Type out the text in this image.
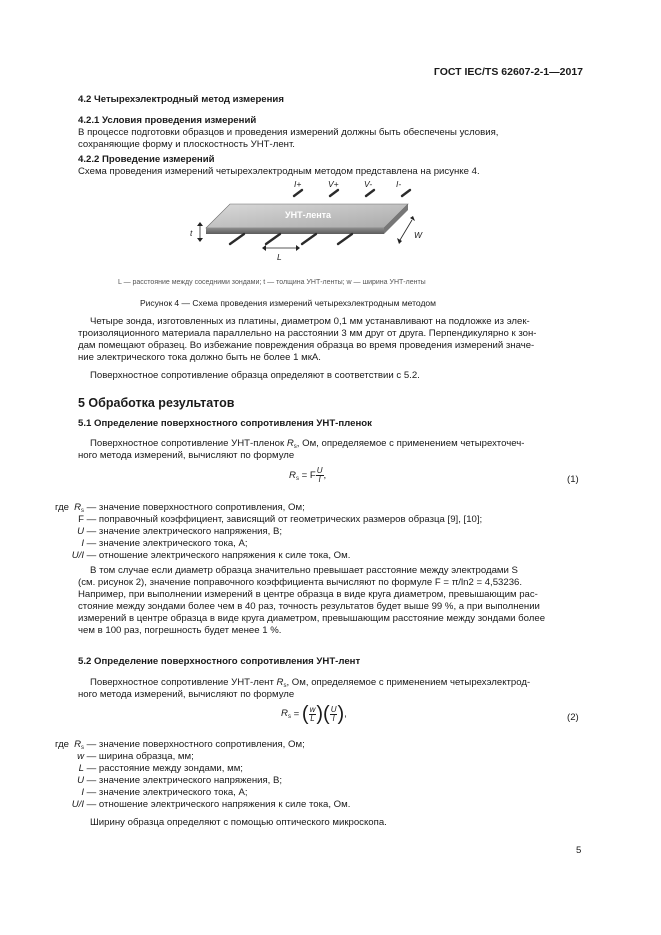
ГОСТ IEC/TS 62607-2-1—2017
4.2 Четырехэлектродный метод измерения
4.2.1 Условия проведения измерений
В процессе подготовки образцов и проведения измерений должны быть обеспечены условия,
сохраняющие форму и плоскостность УНТ-лент.
4.2.2 Проведение измерений
Схема проведения измерений четырехэлектродным методом представлена на рисунке 4.
УНТ-лента
I+	V+	V-	I-
t	W
L
L — расстояние между соседними зондами; t — толщина УНТ-ленты; w — ширина УНТ-ленты
Рисунок 4 — Схема проведения измерений четырехэлектродным методом
Четыре зонда, изготовленных из платины, диаметром 0,1 мм устанавливают на подложке из элек-
троизоляционного материала параллельно на расстоянии 3 мм друг от друга. Перпендикулярно к зон-
дам помещают образец. Во избежание повреждения образца во время проведения измерений значе-
ние электрического тока должно быть не более 1 мкА.
Поверхностное сопротивление образца определяют в соответствии с 5.2.
5 Обработка результатов
5.1 Определение поверхностного сопротивления УНТ-пленок
Поверхностное сопротивление УНТ-пленок $R_s$, Ом, определяемое с применением четырехточеч-
ного метода измерений, вычисляют по формуле
$R_s = F \frac{U}{I}$ ,	(1)
где $R_s$ — значение поверхностного сопротивления, Ом;
F — поправочный коэффициент, зависящий от геометрических размеров образца [9], [10];
U — значение электрического напряжения, В;
I — значение электрического тока, А;
U/I — отношение электрического напряжения к силе тока, Ом.
В том случае если диаметр образца значительно превышает расстояние между электродами S
(см. рисунок 2), значение поправочного коэффициента вычисляют по формуле F = π/ln2 = 4,53236.
Например, при выполнении измерений в центре образца в виде круга диаметром, превышающим рас-
стояние между зондами более чем в 40 раз, точность результатов будет выше 99 %, а при выполнении
измерений в центре образца в виде круга диаметром, превышающим расстояние между зондами более
чем в 100 раз, погрешность будет менее 1 %.
5.2 Определение поверхностного сопротивления УНТ-лент
Поверхностное сопротивление УНТ-лент $R_s$, Ом, определяемое с применением четырехэлектрод-
ного метода измерений, вычисляют по формуле
$R_s$ = ( $\frac{w}{L}$ )( $\frac{U}{I}$ ),	(2)
где $R_s$ — значение поверхностного сопротивления, Ом;
w — ширина образца, мм;
L — расстояние между зондами, мм;
U — значение электрического напряжения, В;
I — значение электрического тока, А;
U/I — отношение электрического напряжения к силе тока, Ом.
Ширину образца определяют с помощью оптического микроскопа.
5
